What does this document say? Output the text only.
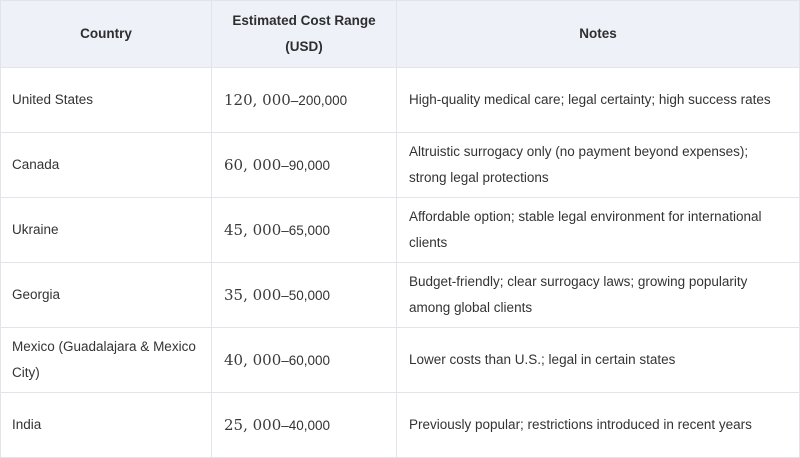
Country	Estimated Cost Range (USD)	Notes
United States	120, 000–200,000	High-quality medical care; legal certainty; high success rates
Canada	60, 000–90,000	Altruistic surrogacy only (no payment beyond expenses); strong legal protections
Ukraine	45, 000–65,000	Affordable option; stable legal environment for international clients
Georgia	35, 000–50,000	Budget-friendly; clear surrogacy laws; growing popularity among global clients
Mexico (Guadalajara & Mexico City)	40, 000–60,000	Lower costs than U.S.; legal in certain states
India	25, 000–40,000	Previously popular; restrictions introduced in recent years
